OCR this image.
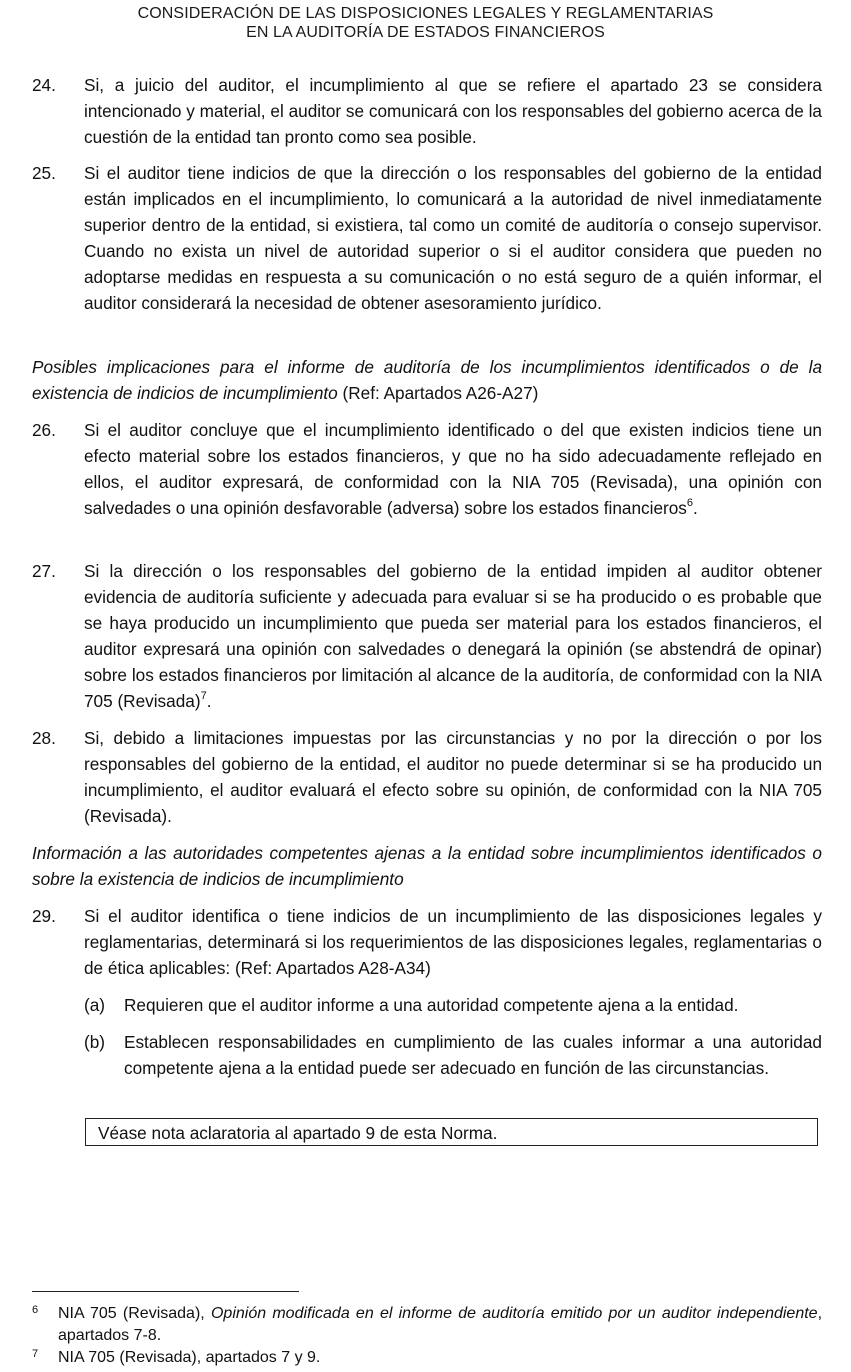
CONSIDERACIÓN DE LAS DISPOSICIONES LEGALES Y REGLAMENTARIAS
EN LA AUDITORÍA DE ESTADOS FINANCIEROS
24. Si, a juicio del auditor, el incumplimiento al que se refiere el apartado 23 se considera intencionado y material, el auditor se comunicará con los responsables del gobierno acerca de la cuestión de la entidad tan pronto como sea posible.
25. Si el auditor tiene indicios de que la dirección o los responsables del gobierno de la entidad están implicados en el incumplimiento, lo comunicará a la autoridad de nivel inmediatamente superior dentro de la entidad, si existiera, tal como un comité de auditoría o consejo supervisor. Cuando no exista un nivel de autoridad superior o si el auditor considera que pueden no adoptarse medidas en respuesta a su comunicación o no está seguro de a quién informar, el auditor considerará la necesidad de obtener asesoramiento jurídico.
Posibles implicaciones para el informe de auditoría de los incumplimientos identificados o de la existencia de indicios de incumplimiento (Ref: Apartados A26-A27)
26. Si el auditor concluye que el incumplimiento identificado o del que existen indicios tiene un efecto material sobre los estados financieros, y que no ha sido adecuadamente reflejado en ellos, el auditor expresará, de conformidad con la NIA 705 (Revisada), una opinión con salvedades o una opinión desfavorable (adversa) sobre los estados financieros$^6$.
27. Si la dirección o los responsables del gobierno de la entidad impiden al auditor obtener evidencia de auditoría suficiente y adecuada para evaluar si se ha producido o es probable que se haya producido un incumplimiento que pueda ser material para los estados financieros, el auditor expresará una opinión con salvedades o denegará la opinión (se abstendrá de opinar) sobre los estados financieros por limitación al alcance de la auditoría, de conformidad con la NIA 705 (Revisada)$^7$.
28. Si, debido a limitaciones impuestas por las circunstancias y no por la dirección o por los responsables del gobierno de la entidad, el auditor no puede determinar si se ha producido un incumplimiento, el auditor evaluará el efecto sobre su opinión, de conformidad con la NIA 705 (Revisada).
Información a las autoridades competentes ajenas a la entidad sobre incumplimientos identificados o sobre la existencia de indicios de incumplimiento
29. Si el auditor identifica o tiene indicios de un incumplimiento de las disposiciones legales y reglamentarias, determinará si los requerimientos de las disposiciones legales, reglamentarias o de ética aplicables: (Ref: Apartados A28-A34)
(a) Requieren que el auditor informe a una autoridad competente ajena a la entidad.
(b) Establecen responsabilidades en cumplimiento de las cuales informar a una autoridad competente ajena a la entidad puede ser adecuado en función de las circunstancias.
Véase nota aclaratoria al apartado 9 de esta Norma.
6 NIA 705 (Revisada), Opinión modificada en el informe de auditoría emitido por un auditor independiente, apartados 7-8.
7 NIA 705 (Revisada), apartados 7 y 9.
